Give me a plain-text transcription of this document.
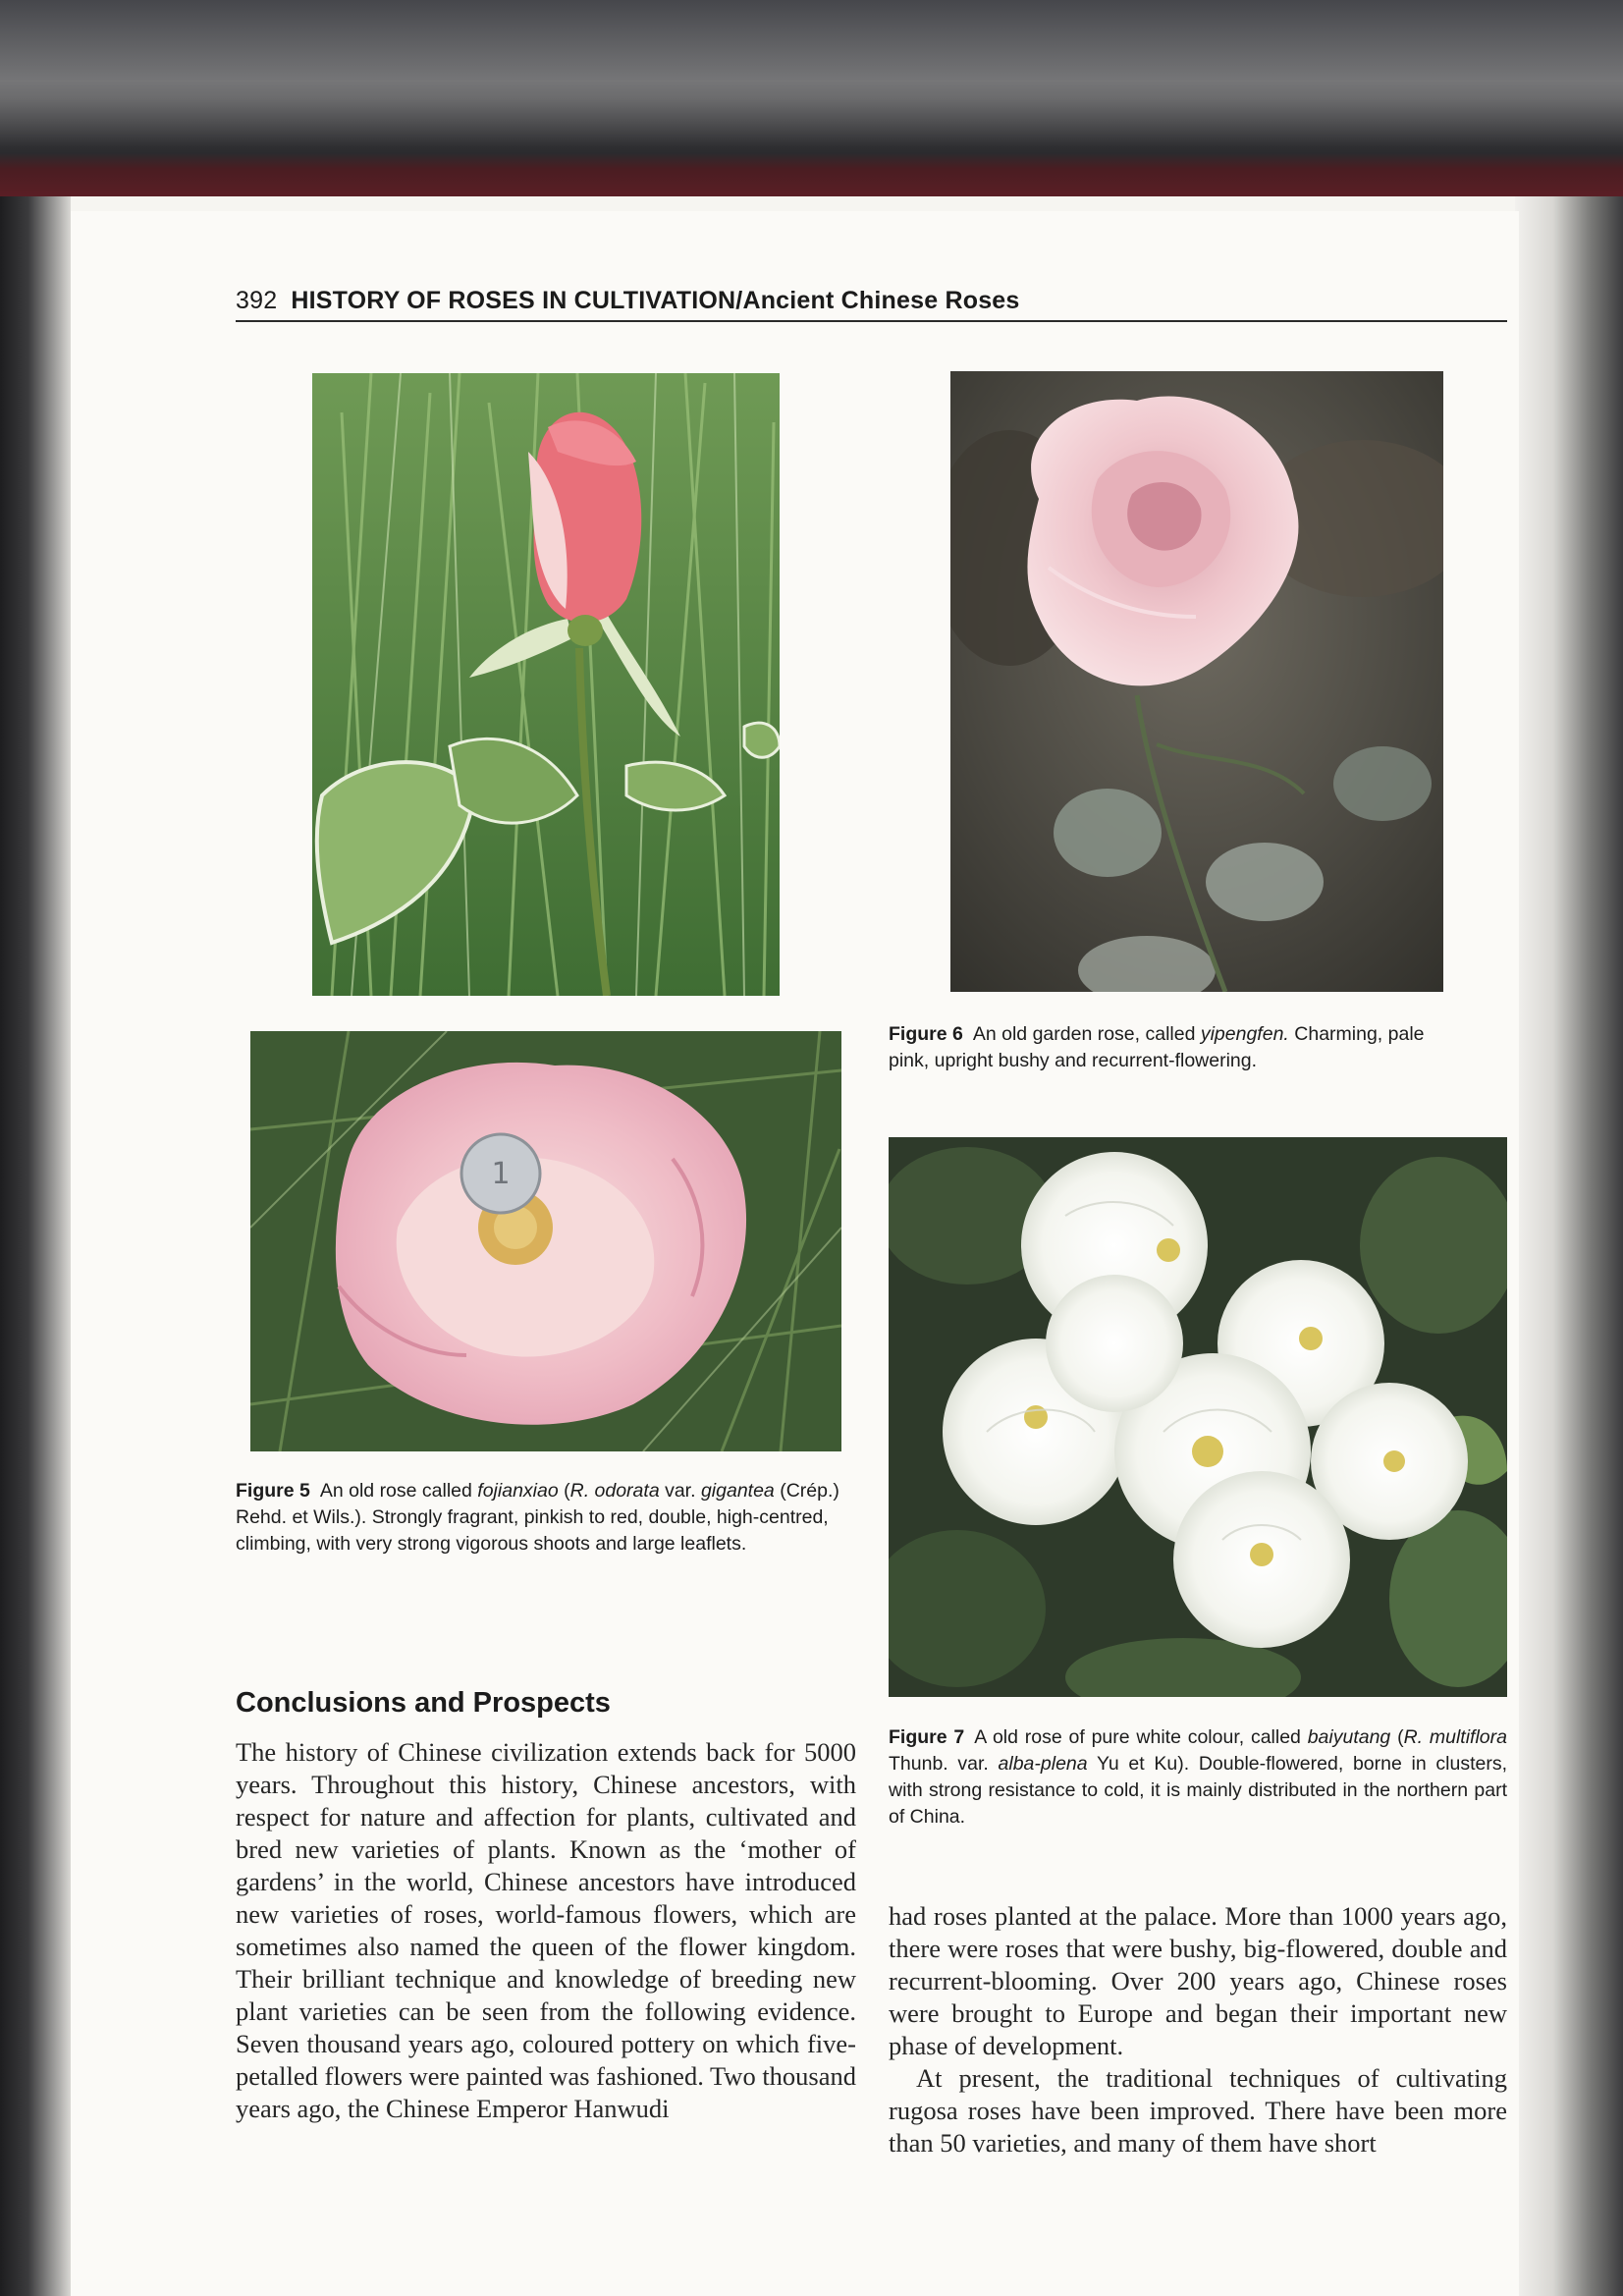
392 HISTORY OF ROSES IN CULTIVATION/Ancient Chinese Roses
Figure 6 An old garden rose, called yipengfen. Charming, pale pink, upright bushy and recurrent-flowering.
1
Figure 5 An old rose called fojianxiao (R. odorata var. gigantea (Crép.) Rehd. et Wils.). Strongly fragrant, pinkish to red, double, high-centred, climbing, with very strong vigorous shoots and large leaflets.
Figure 7 A old rose of pure white colour, called baiyutang (R. multiflora Thunb. var. alba-plena Yu et Ku). Double-flowered, borne in clusters, with strong resistance to cold, it is mainly distributed in the northern part of China.
Conclusions and Prospects

The history of Chinese civilization extends back for 5000 years. Throughout this history, Chinese ancestors, with respect for nature and affection for plants, cultivated and bred new varieties of plants. Known as the ‘mother of gardens’ in the world, Chinese ancestors have introduced new varieties of roses, world-famous flowers, which are sometimes also named the queen of the flower kingdom. Their brilliant technique and knowledge of breeding new plant varieties can be seen from the following evidence. Seven thousand years ago, coloured pottery on which five-petalled flowers were painted was fashioned. Two thousand years ago, the Chinese Emperor Hanwudi

had roses planted at the palace. More than 1000 years ago, there were roses that were bushy, big-flowered, double and recurrent-blooming. Over 200 years ago, Chinese roses were brought to Europe and began their important new phase of development.

At present, the traditional techniques of cultivating rugosa roses have been improved. There have been more than 50 varieties, and many of them have short
